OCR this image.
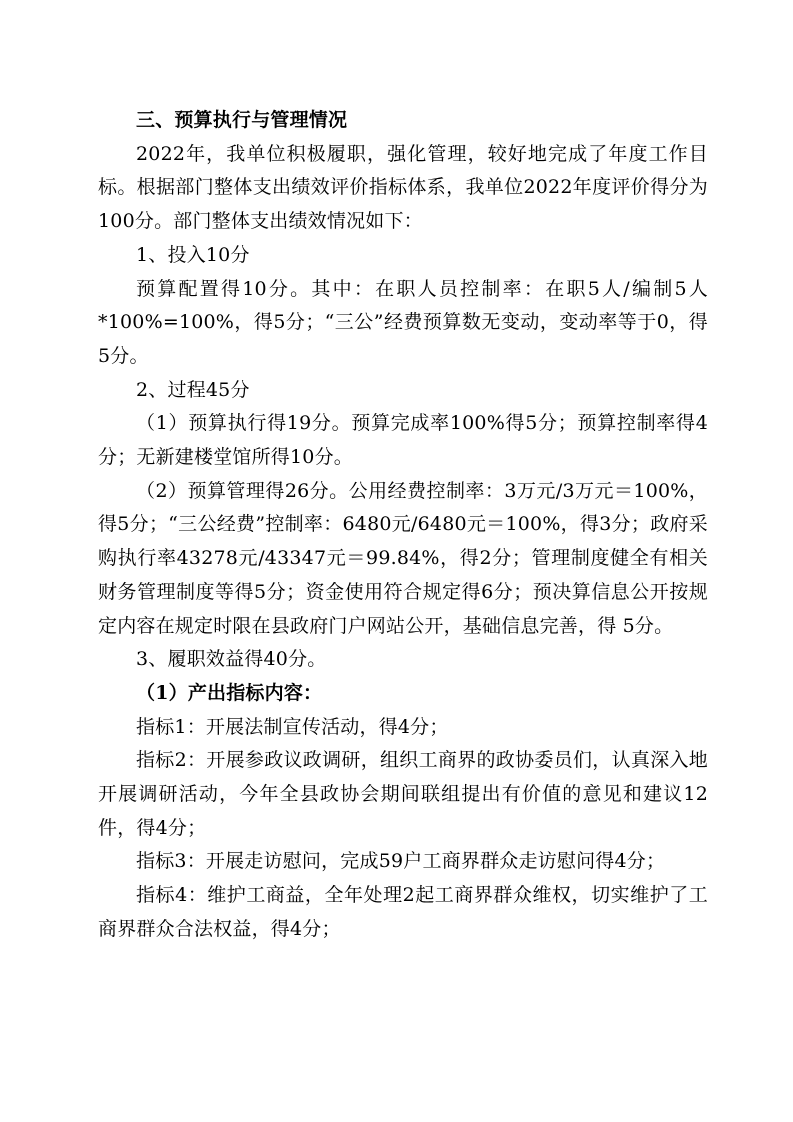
三、预算执行与管理情况

2022年，我单位积极履职，强化管理，较好地完成了年度工作目标。根据部门整体支出绩效评价指标体系，我单位2022年度评价得分为100分。部门整体支出绩效情况如下：

1、投入10分

预算配置得10分。其中：在职人员控制率：在职5人/编制5人*100%=100%，得5分；“三公”经费预算数无变动，变动率等于0，得5分。

2、过程45分

（1）预算执行得19分。预算完成率100%得5分；预算控制率得4分；无新建楼堂馆所得10分。

（2）预算管理得26分。公用经费控制率：3万元/3万元＝100%，得5分；“三公经费”控制率：6480元/6480元＝100%，得3分；政府采购执行率43278元/43347元＝99.84%，得2分；管理制度健全有相关财务管理制度等得5分；资金使用符合规定得6分；预决算信息公开按规定内容在规定时限在县政府门户网站公开，基础信息完善，得 5分。

3、履职效益得40分。

（1）产出指标内容：

指标1：开展法制宣传活动，得4分；

指标2：开展参政议政调研，组织工商界的政协委员们，认真深入地开展调研活动，今年全县政协会期间联组提出有价值的意见和建议12件，得4分；

指标3：开展走访慰问，完成59户工商界群众走访慰问得4分；

指标4：维护工商益，全年处理2起工商界群众维权，切实维护了工商界群众合法权益，得4分；
